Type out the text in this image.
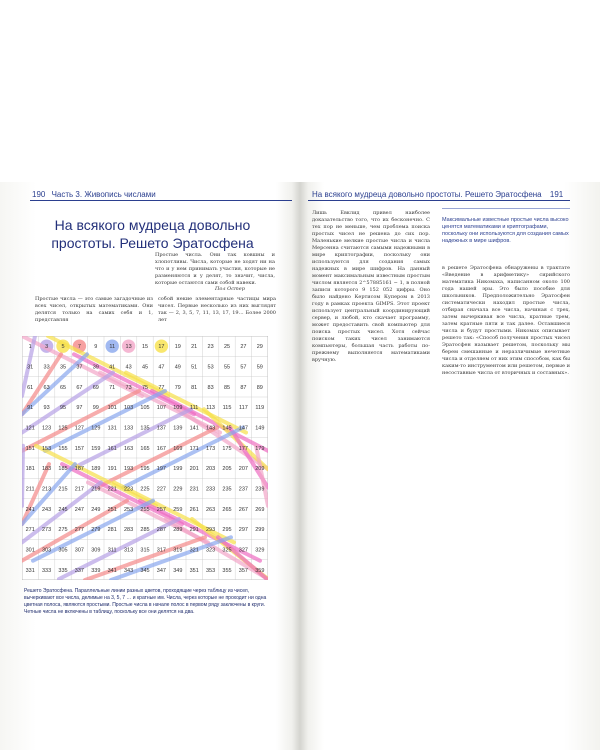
190 Часть 3. Живопись числами	На всякого мудреца довольно простоты. Решето Эратосфена 191
На всякого мудреца довольно простоты. Решето Эратосфена
Простые числа. Они так ковшны и хлопотливы. Числа, которые не ходят ни на что и у нем принимать участия, которые не разменяются и у делят, то значит, числа, которые остаются сами собой навеки.
Пол Остер
Простые числа — это самые загадочные из всех чисел, открытых математиками. Они делятся только на самих себя и 1, представляя
собой некие элементарные частицы мира чисел. Первые несколько из них выглядят так — 2, 3, 5, 7, 11, 13, 17, 19… Более 2000 лет
1 3 5 7 9 11 13 15 17 19 21 23 25 27 29
31 33 35 37 39 41 43 45 47 49 51 53 55 57 59
61 63 65 67 69 71 73 75 77 79 81 83 85 87 89
91 93 95 97 99 101 103 105 107 109 111 113 115 117 119
121 123 125 127 129 131 133 135 137 139 141 143 145 147 149
151 153 155 157 159 161 163 165 167 169 171 173 175 177 179
181 183 185 187 189 191 193 195 197 199 201 203 205 207 209
211 213 215 217 219 221 223 225 227 229 231 233 235 237 239
241 243 245 247 249 251 253 255 257 259 261 263 265 267 269
271 273 275 277 279 281 283 285 287 289 291 293 295 297 299
301 303 305 307 309 311 313 315 317 319 321 323 325 327 329
331 333 335 337 339 341 343 345 347 349 351 353 355 357 359
Решето Эратосфена. Параллельные линии разных цветов, проходящие через таблицу из чисел, вычеркивают все числа, делимые на 3, 5, 7 … и кратные им. Числа, через которые не проходит ни одна цветная полоса, являются простыми. Простые числа в начале полос в первом ряду заключены в круги. Четные числа не включены в таблицу, поскольку все они делятся на два.
Лишь Евклид привел наиболее доказательство того, что их бесконечно. С тех пор не меньше, чем проблема поиска простых чисел не решена до сих пор. Маленькие мелкие простые числа и числа Мерсенна считаются самыми надежными в мире криптографии, поскольку они используются для создания самых надежных в мире шифров. На данный момент максимальным известным простым числом является 2^57885161 − 1, в полной записи которого 9 152 052 цифры. Оно было найдено Кертисом Купером в 2013 году в рамках проекта GIMPS. Этот проект использует центральный координирующий сервер, и любой, кто скачает программу, может предоставить свой компьютер для поиска простых чисел. Хотя сейчас поиском таких чисел занимаются компьютеры, большая часть работы по-прежнему выполняется математиками вручную.
Максимальные известные простые числа высоко ценятся математиками и криптографами, поскольку они используются для создания самых надежных в мире шифров.
в решете Эратосфена обнаружены в трактате «Введение в арифметику» сирийского математика Никомаха, написанном около 100 года нашей эры. Это было пособие для школьников. Предположительно Эратосфен систематически находил простые числа, отбирая сначала все числа, начиная с трех, затем вычеркивая все числа, кратные трем, затем кратные пяти и так далее. Оставшиеся числа и будут простыми. Никомах описывает решето так: «Способ получения простых чисел Эратосфен называет решетом, поскольку мы берем смешанные и неразличимые нечетные числа и отделяем от них этим способом, как бы каким-то инструментом или решетом, первые и несоставные числа от вторичных и составных».
